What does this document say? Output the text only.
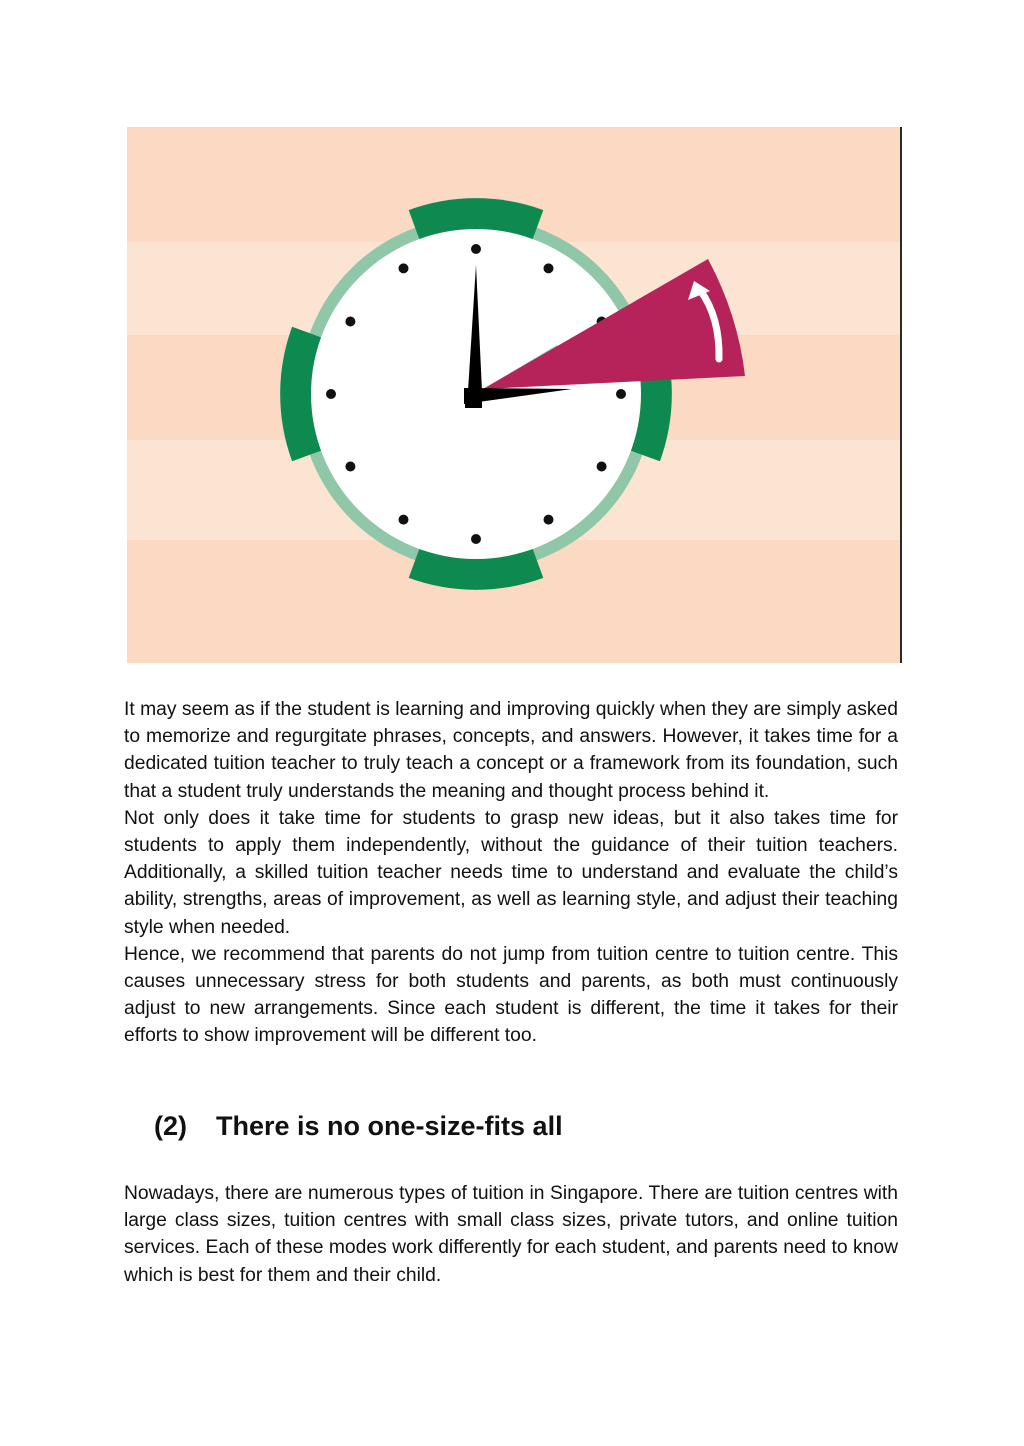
It may seem as if the student is learning and improving quickly when they are simply asked to memorize and regurgitate phrases, concepts, and answers. However, it takes time for a dedicated tuition teacher to truly teach a concept or a framework from its foundation, such that a student truly understands the meaning and thought process behind it.

Not only does it take time for students to grasp new ideas, but it also takes time for students to apply them independently, without the guidance of their tuition teachers. Additionally, a skilled tuition teacher needs time to understand and evaluate the child’s ability, strengths, areas of improvement, as well as learning style, and adjust their teaching style when needed.

Hence, we recommend that parents do not jump from tuition centre to tuition centre. This causes unnecessary stress for both students and parents, as both must continuously adjust to new arrangements. Since each student is different, the time it takes for their efforts to show improvement will be different too.

(2) There is no one-size-fits all

Nowadays, there are numerous types of tuition in Singapore. There are tuition centres with large class sizes, tuition centres with small class sizes, private tutors, and online tuition services. Each of these modes work differently for each student, and parents need to know which is best for them and their child.
